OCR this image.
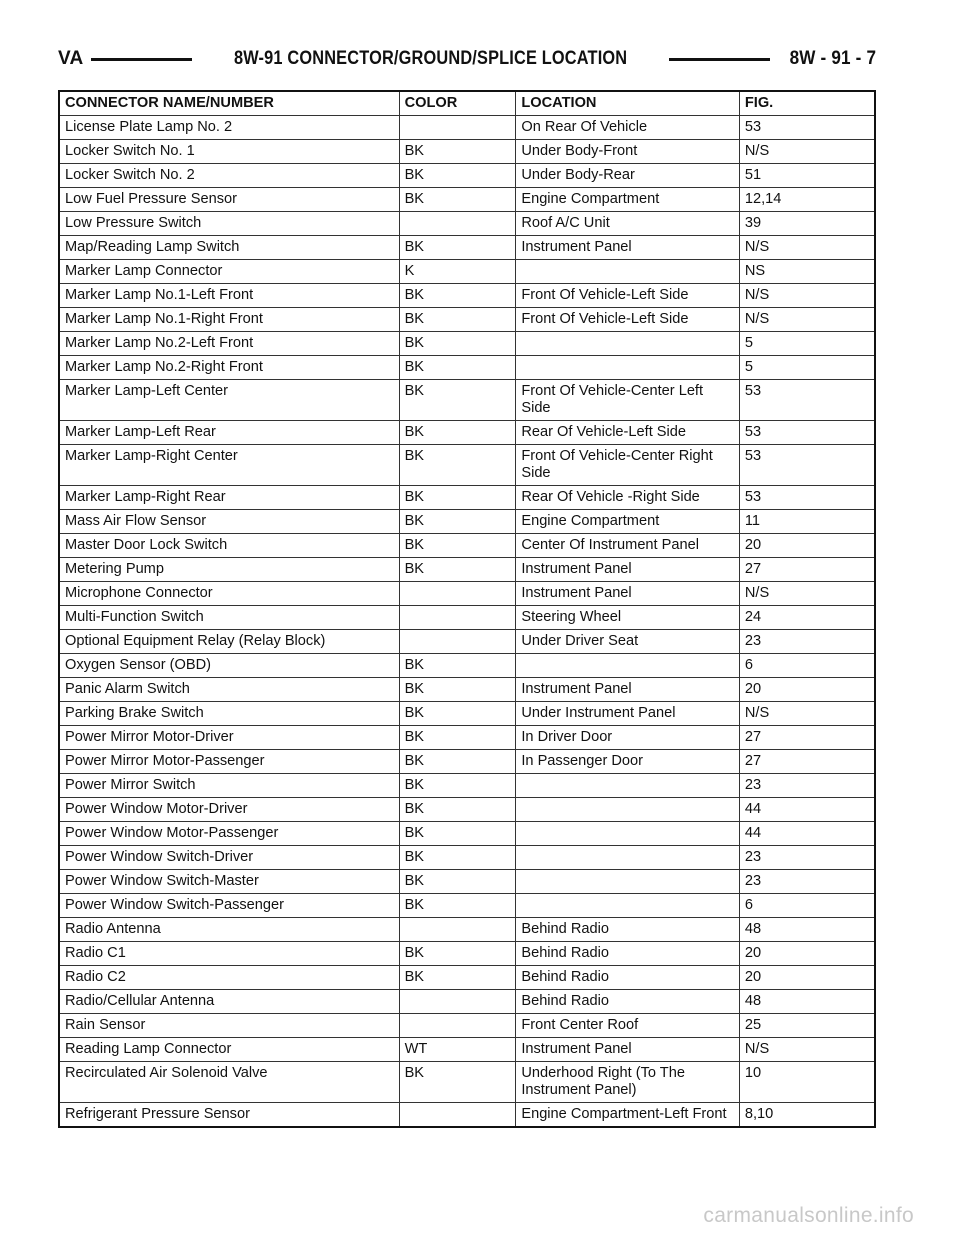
VA	8W-91 CONNECTOR/GROUND/SPLICE LOCATION	8W - 91 - 7
CONNECTOR NAME/NUMBER	COLOR	LOCATION	FIG.
License Plate Lamp No. 2		On Rear Of Vehicle	53
Locker Switch No. 1	BK	Under Body-Front	N/S
Locker Switch No. 2	BK	Under Body-Rear	51
Low Fuel Pressure Sensor	BK	Engine Compartment	12,14
Low Pressure Switch		Roof A/C Unit	39
Map/Reading Lamp Switch	BK	Instrument Panel	N/S
Marker Lamp Connector	K		NS
Marker Lamp No.1-Left Front	BK	Front Of Vehicle-Left Side	N/S
Marker Lamp No.1-Right Front	BK	Front Of Vehicle-Left Side	N/S
Marker Lamp No.2-Left Front	BK		5
Marker Lamp No.2-Right Front	BK		5
Marker Lamp-Left Center	BK	Front Of Vehicle-Center Left Side	53
Marker Lamp-Left Rear	BK	Rear Of Vehicle-Left Side	53
Marker Lamp-Right Center	BK	Front Of Vehicle-Center Right Side	53
Marker Lamp-Right Rear	BK	Rear Of Vehicle -Right Side	53
Mass Air Flow Sensor	BK	Engine Compartment	11
Master Door Lock Switch	BK	Center Of Instrument Panel	20
Metering Pump	BK	Instrument Panel	27
Microphone Connector		Instrument Panel	N/S
Multi-Function Switch		Steering Wheel	24
Optional Equipment Relay (Relay Block)		Under Driver Seat	23
Oxygen Sensor (OBD)	BK		6
Panic Alarm Switch	BK	Instrument Panel	20
Parking Brake Switch	BK	Under Instrument Panel	N/S
Power Mirror Motor-Driver	BK	In Driver Door	27
Power Mirror Motor-Passenger	BK	In Passenger Door	27
Power Mirror Switch	BK		23
Power Window Motor-Driver	BK		44
Power Window Motor-Passenger	BK		44
Power Window Switch-Driver	BK		23
Power Window Switch-Master	BK		23
Power Window Switch-Passenger	BK		6
Radio Antenna		Behind Radio	48
Radio C1	BK	Behind Radio	20
Radio C2	BK	Behind Radio	20
Radio/Cellular Antenna		Behind Radio	48
Rain Sensor		Front Center Roof	25
Reading Lamp Connector	WT	Instrument Panel	N/S
Recirculated Air Solenoid Valve	BK	Underhood Right (To The Instrument Panel)	10
Refrigerant Pressure Sensor		Engine Compartment-Left Front	8,10
carmanualsonline.info
